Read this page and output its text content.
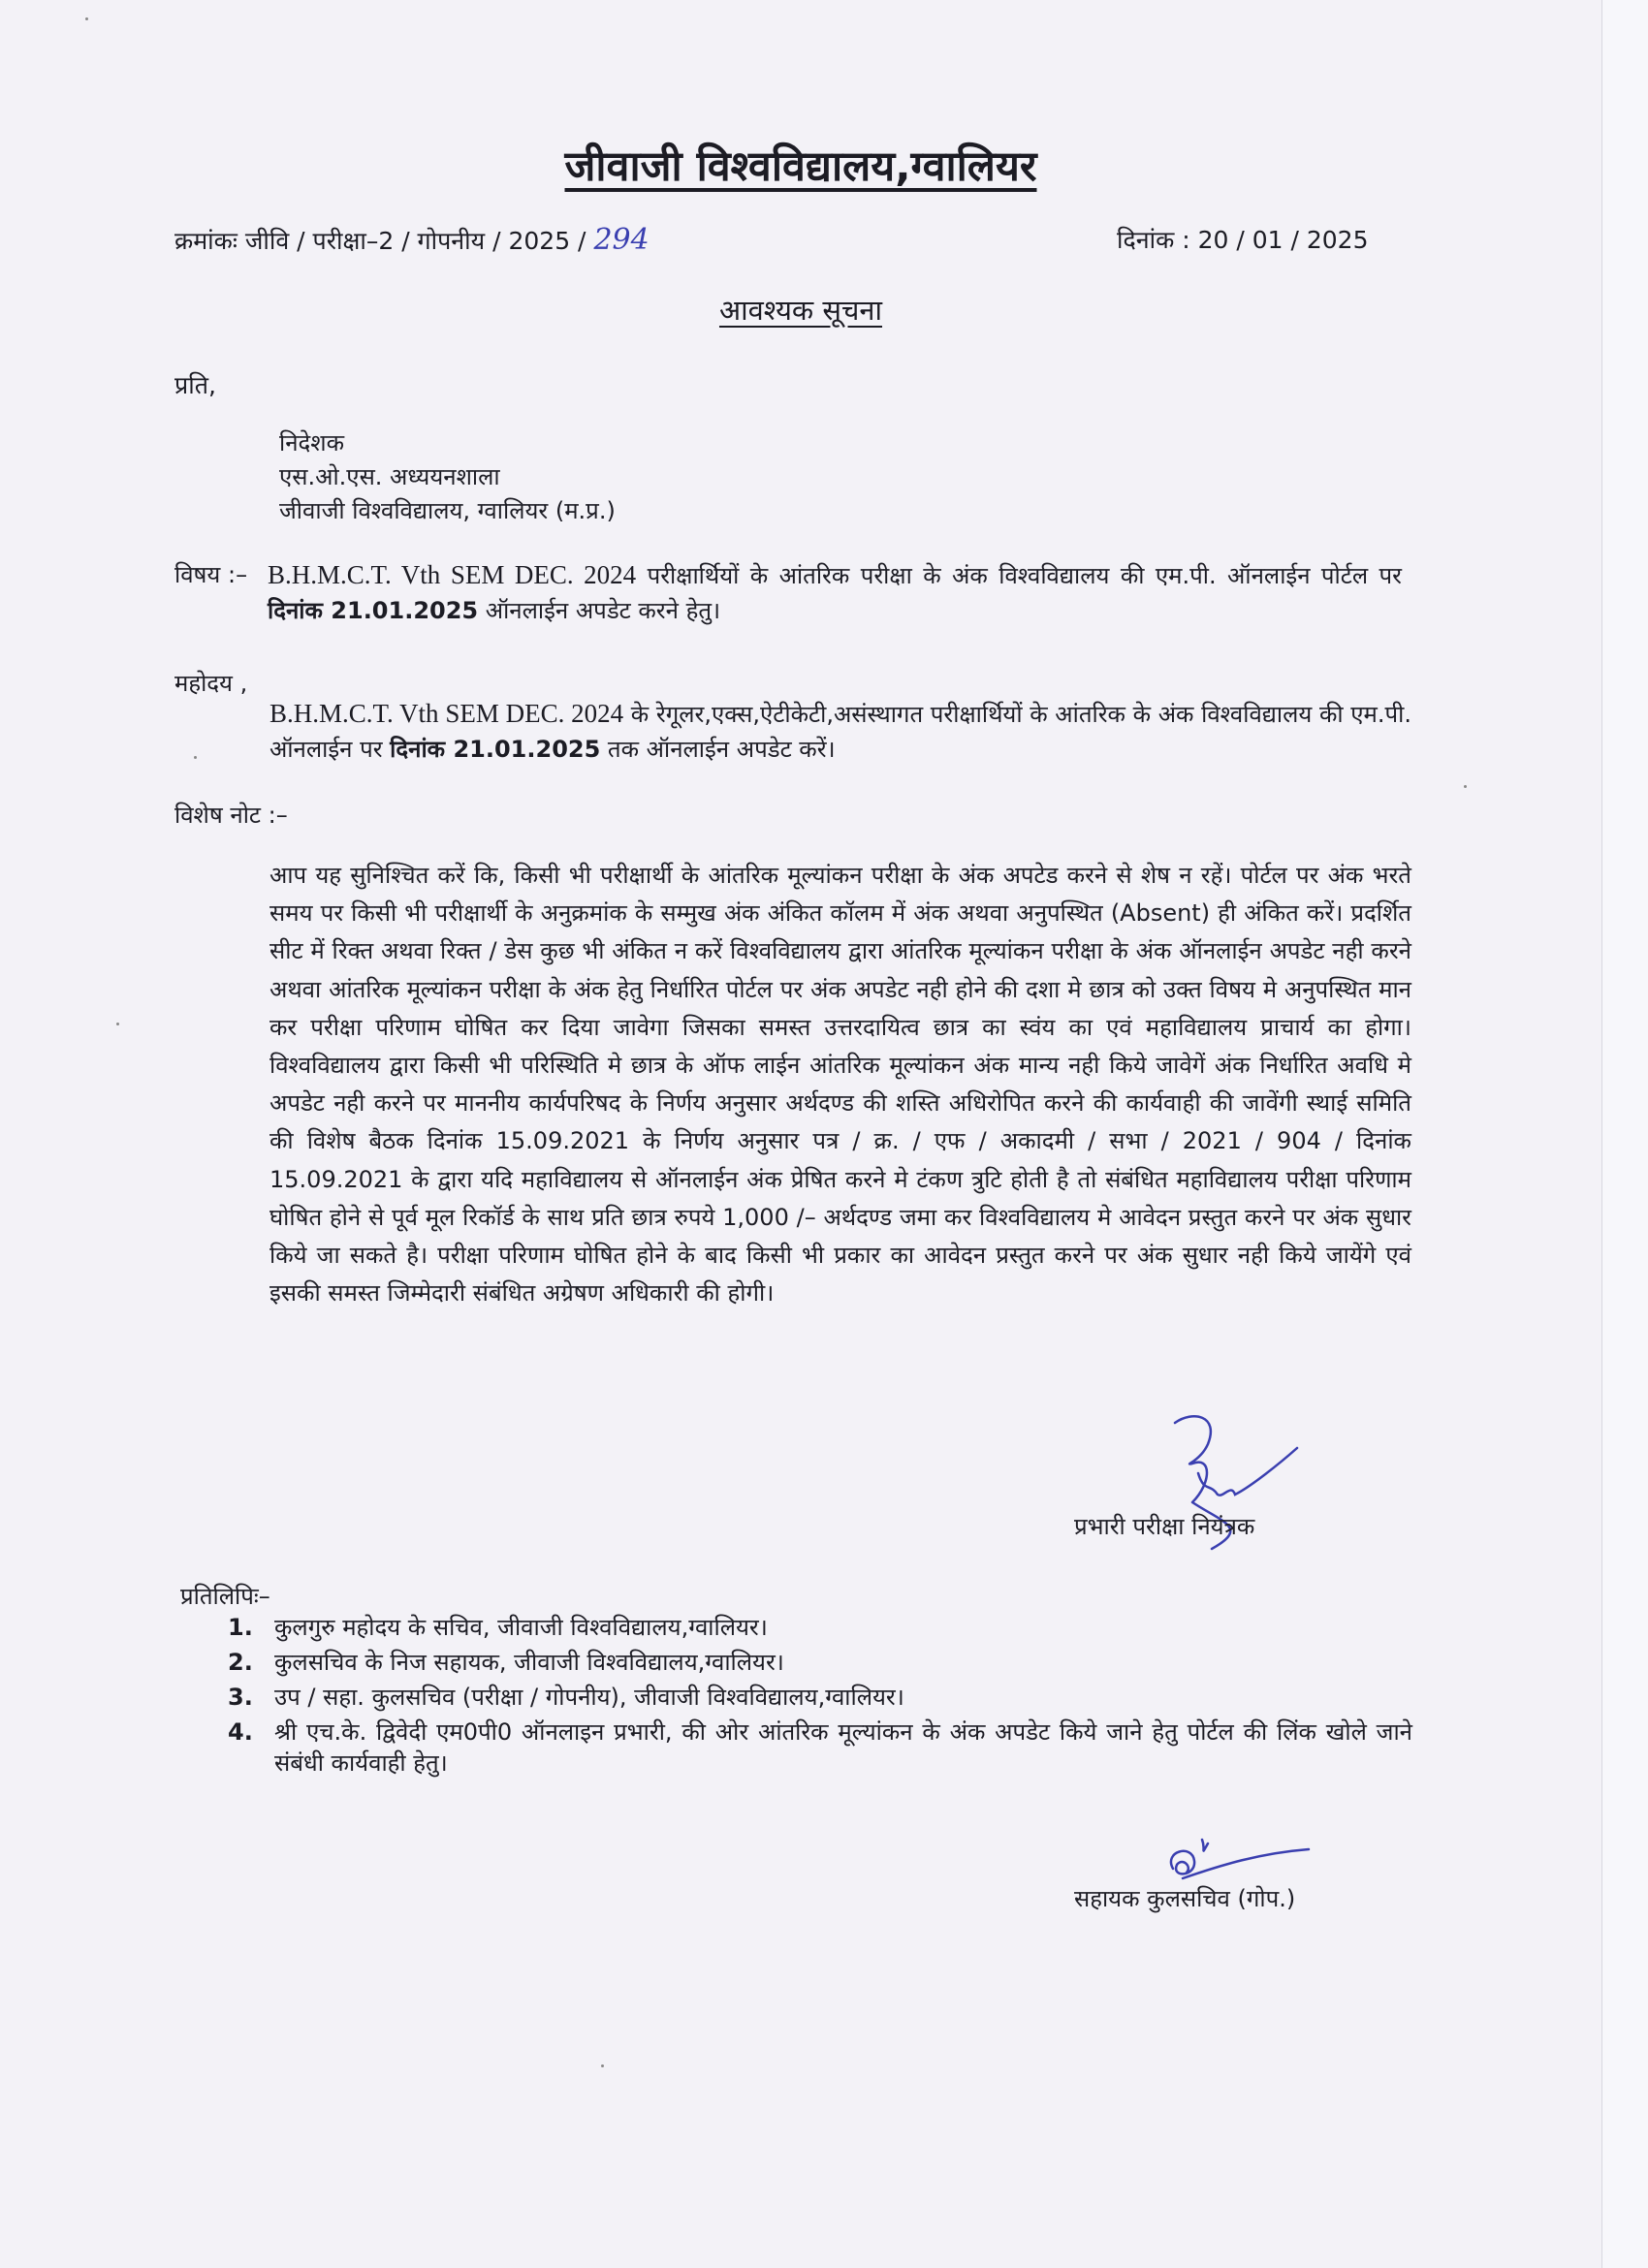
जीवाजी विश्वविद्यालय,ग्वालियर
क्रमांकः जीवि / परीक्षा–2 / गोपनीय / 2025 / 294	दिनांक : 20 / 01 / 2025
आवश्यक सूचना
प्रति,
निदेशक
एस.ओ.एस. अध्ययनशाला
जीवाजी विश्वविद्यालय, ग्वालियर (म.प्र.)
विषय :– B.H.M.C.T. Vth SEM DEC. 2024 परीक्षार्थियों के आंतरिक परीक्षा के अंक विश्वविद्यालय की एम.पी. ऑनलाईन पोर्टल पर दिनांक 21.01.2025 ऑनलाईन अपडेट करने हेतु।
महोदय ,
B.H.M.C.T. Vth SEM DEC. 2024 के रेगूलर,एक्स,ऐटीकेटी,असंस्थागत परीक्षार्थियों के आंतरिक के अंक विश्वविद्यालय की एम.पी. ऑनलाईन पर दिनांक 21.01.2025 तक ऑनलाईन अपडेट करें।
विशेष नोट :–
आप यह सुनिश्चित करें कि, किसी भी परीक्षार्थी के आंतरिक मूल्यांकन परीक्षा के अंक अपटेड करने से शेष न रहें। पोर्टल पर अंक भरते समय पर किसी भी परीक्षार्थी के अनुक्रमांक के सम्मुख अंक अंकित कॉलम में अंक अथवा अनुपस्थित (Absent) ही अंकित करें। प्रदर्शित सीट में रिक्त अथवा रिक्त / डेस कुछ भी अंकित न करें विश्वविद्यालय द्वारा आंतरिक मूल्यांकन परीक्षा के अंक ऑनलाईन अपडेट नही करने अथवा आंतरिक मूल्यांकन परीक्षा के अंक हेतु निर्धारित पोर्टल पर अंक अपडेट नही होने की दशा मे छात्र को उक्त विषय मे अनुपस्थित मान कर परीक्षा परिणाम घोषित कर दिया जावेगा जिसका समस्त उत्तरदायित्व छात्र का स्वंय का एवं महाविद्यालय प्राचार्य का होगा। विश्वविद्यालय द्वारा किसी भी परिस्थिति मे छात्र के ऑफ लाईन आंतरिक मूल्यांकन अंक मान्य नही किये जावेगें अंक निर्धारित अवधि मे अपडेट नही करने पर माननीय कार्यपरिषद के निर्णय अनुसार अर्थदण्ड की शस्ति अधिरोपित करने की कार्यवाही की जावेंगी स्थाई समिति की विशेष बैठक दिनांक 15.09.2021 के निर्णय अनुसार पत्र / क्र. / एफ / अकादमी / सभा / 2021 / 904 / दिनांक 15.09.2021 के द्वारा यदि महाविद्यालय से ऑनलाईन अंक प्रेषित करने मे टंकण त्रुटि होती है तो संबंधित महाविद्यालय परीक्षा परिणाम घोषित होने से पूर्व मूल रिकॉर्ड के साथ प्रति छात्र रुपये 1,000 /– अर्थदण्ड जमा कर विश्वविद्यालय मे आवेदन प्रस्तुत करने पर अंक सुधार किये जा सकते है। परीक्षा परिणाम घोषित होने के बाद किसी भी प्रकार का आवेदन प्रस्तुत करने पर अंक सुधार नही किये जायेंगे एवं इसकी समस्त जिम्मेदारी संबंधित अग्रेषण अधिकारी की होगी।
प्रभारी परीक्षा नियंत्रक
प्रतिलिपिः–
1. कुलगुरु महोदय के सचिव, जीवाजी विश्वविद्यालय,ग्वालियर।
2. कुलसचिव के निज सहायक, जीवाजी विश्वविद्यालय,ग्वालियर।
3. उप / सहा. कुलसचिव (परीक्षा / गोपनीय), जीवाजी विश्वविद्यालय,ग्वालियर।
4. श्री एच.के. द्विवेदी एम0पी0 ऑनलाइन प्रभारी, की ओर आंतरिक मूल्यांकन के अंक अपडेट किये जाने हेतु पोर्टल की लिंक खोले जाने संबंधी कार्यवाही हेतु।
सहायक कुलसचिव (गोप.)
